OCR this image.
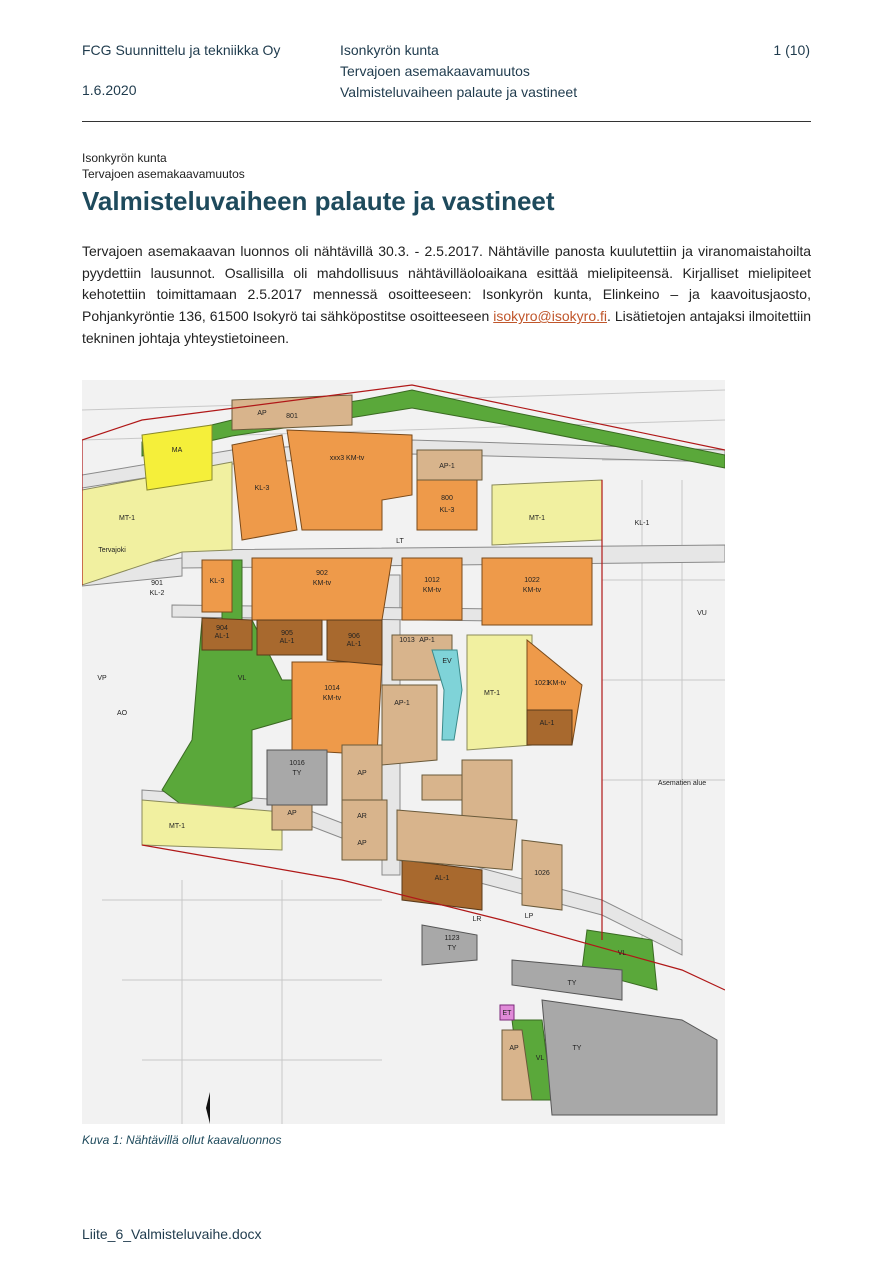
FCG Suunnittelu ja tekniikka Oy
1.6.2020
Isonkyrön kunta
Tervajoen asemakaavamuutos
Valmisteluvaiheen palaute ja vastineet
1 (10)
Isonkyrön kunta
Tervajoen asemakaavamuutos
Valmisteluvaiheen palaute ja vastineet

Tervajoen asemakaavan luonnos oli nähtävillä 30.3. - 2.5.2017. Nähtäville panosta kuulutettiin ja viranomaistahoilta pyydettiin lausunnot. Osallisilla oli mahdollisuus nähtävilläoloaikana esittää mielipiteensä. Kirjalliset mielipiteet kehotettiin toimittamaan 2.5.2017 mennessä osoitteeseen: Isonkyrön kunta, Elinkeino – ja kaavoitusjaosto, Pohjankyröntie 136, 61500 Isokyrö tai sähköpostitse osoitteeseen isokyro@isokyro.fi. Lisätietojen antajaksi ilmoitettiin tekninen johtaja yhteystietoineen.

MA
801
AP
KL-3
xxx3 KM-tv
AP-1
800
KL-3
MT-1	MT-1
KL-1
Tervajoki
LT
901
KL-2
KL-3
902
KM-tv	1012
KM-tv
1022
KM-tv
904
AL-1	905
AL-1
906
AL-1
1013 AP-1
EV
1021
KM-tv
MT-1
AL-1
VL
1014
KM-tv
AP-1
1016
TY	AP
AR
MT-1
AP
AL-1
1026
1123
TY
LR	LP
VL
TY
TY
ET
AP
VL
AP
AO
VU
VP
Asematien alue
Kuva 1: Nähtävillä ollut kaavaluonnos
Liite_6_Valmisteluvaihe.docx
